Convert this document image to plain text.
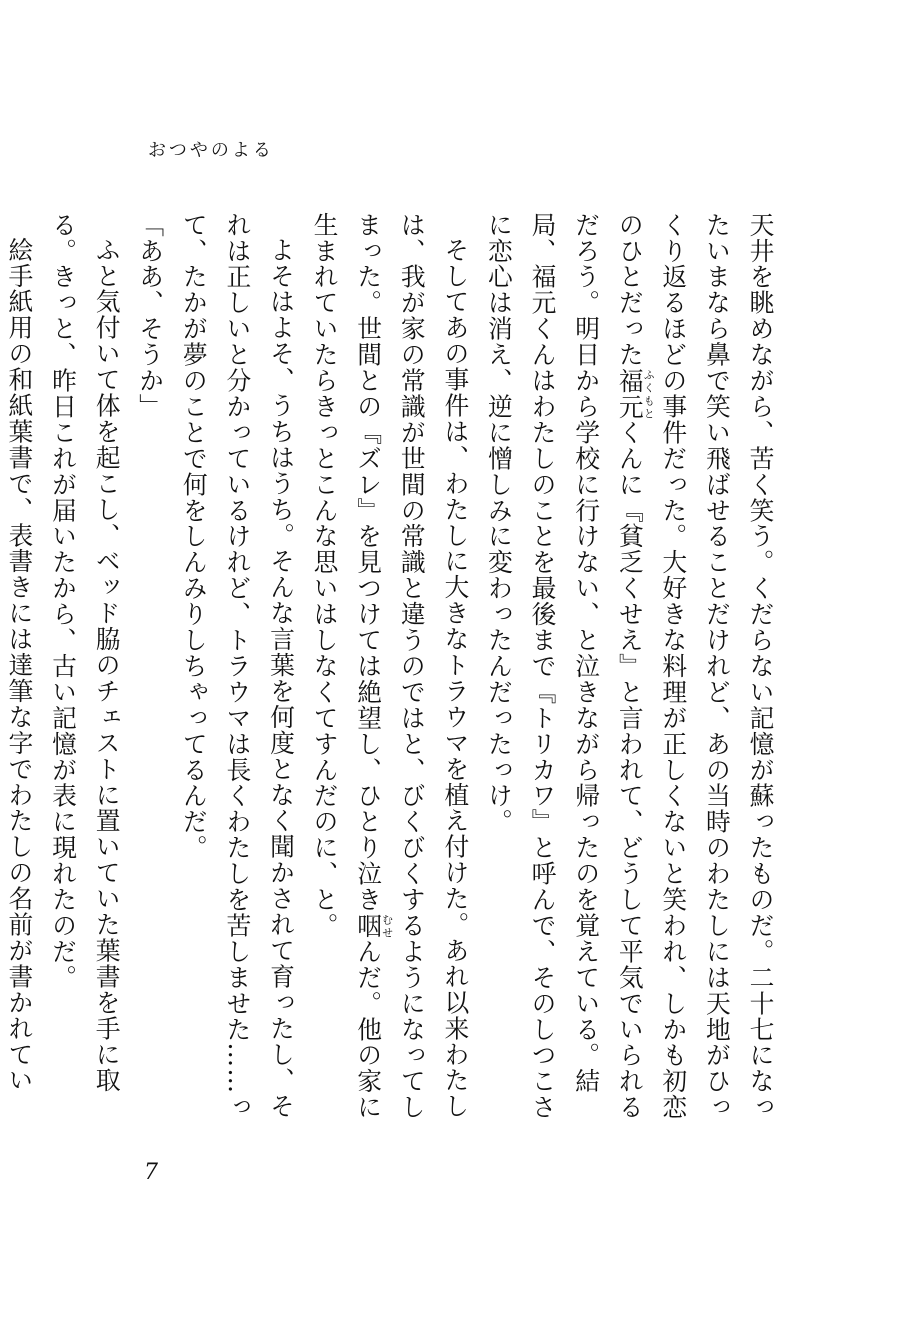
おつやのよる

天井を眺めながら、苦く笑う。くだらない記憶が蘇ったものだ。二十七になったいまなら鼻で笑い飛ばせることだけれど、あの当時のわたしには天地がひっくり返るほどの事件だった。大好きな料理が正しくないと笑われ、しかも初恋のひとだった福元ふくもとくんに『貧乏くせえ』と言われて、どうして平気でいられるだろう。明日から学校に行けない、と泣きながら帰ったのを覚えている。結局、福元くんはわたしのことを最後まで『トリカワ』と呼んで、そのしつこさに恋心は消え、逆に憎しみに変わったんだったっけ。

そしてあの事件は、わたしに大きなトラウマを植え付けた。あれ以来わたしは、我が家の常識が世間の常識と違うのではと、びくびくするようになってしまった。世間との『ズレ』を見つけては絶望し、ひとり泣き咽むせんだ。他の家に生まれていたらきっとこんな思いはしなくてすんだのに、と。

よそはよそ、うちはうち。そんな言葉を何度となく聞かされて育ったし、それは正しいと分かっているけれど、トラウマは長くわたしを苦しませた……って、たかが夢のことで何をしんみりしちゃってるんだ。

「ああ、そうか」

ふと気付いて体を起こし、ベッド脇のチェストに置いていた葉書を手に取る。きっと、昨日これが届いたから、古い記憶が表に現れたのだ。

絵手紙用の和紙葉書で、表書きには達筆な字でわたしの名前が書かれてい

7
